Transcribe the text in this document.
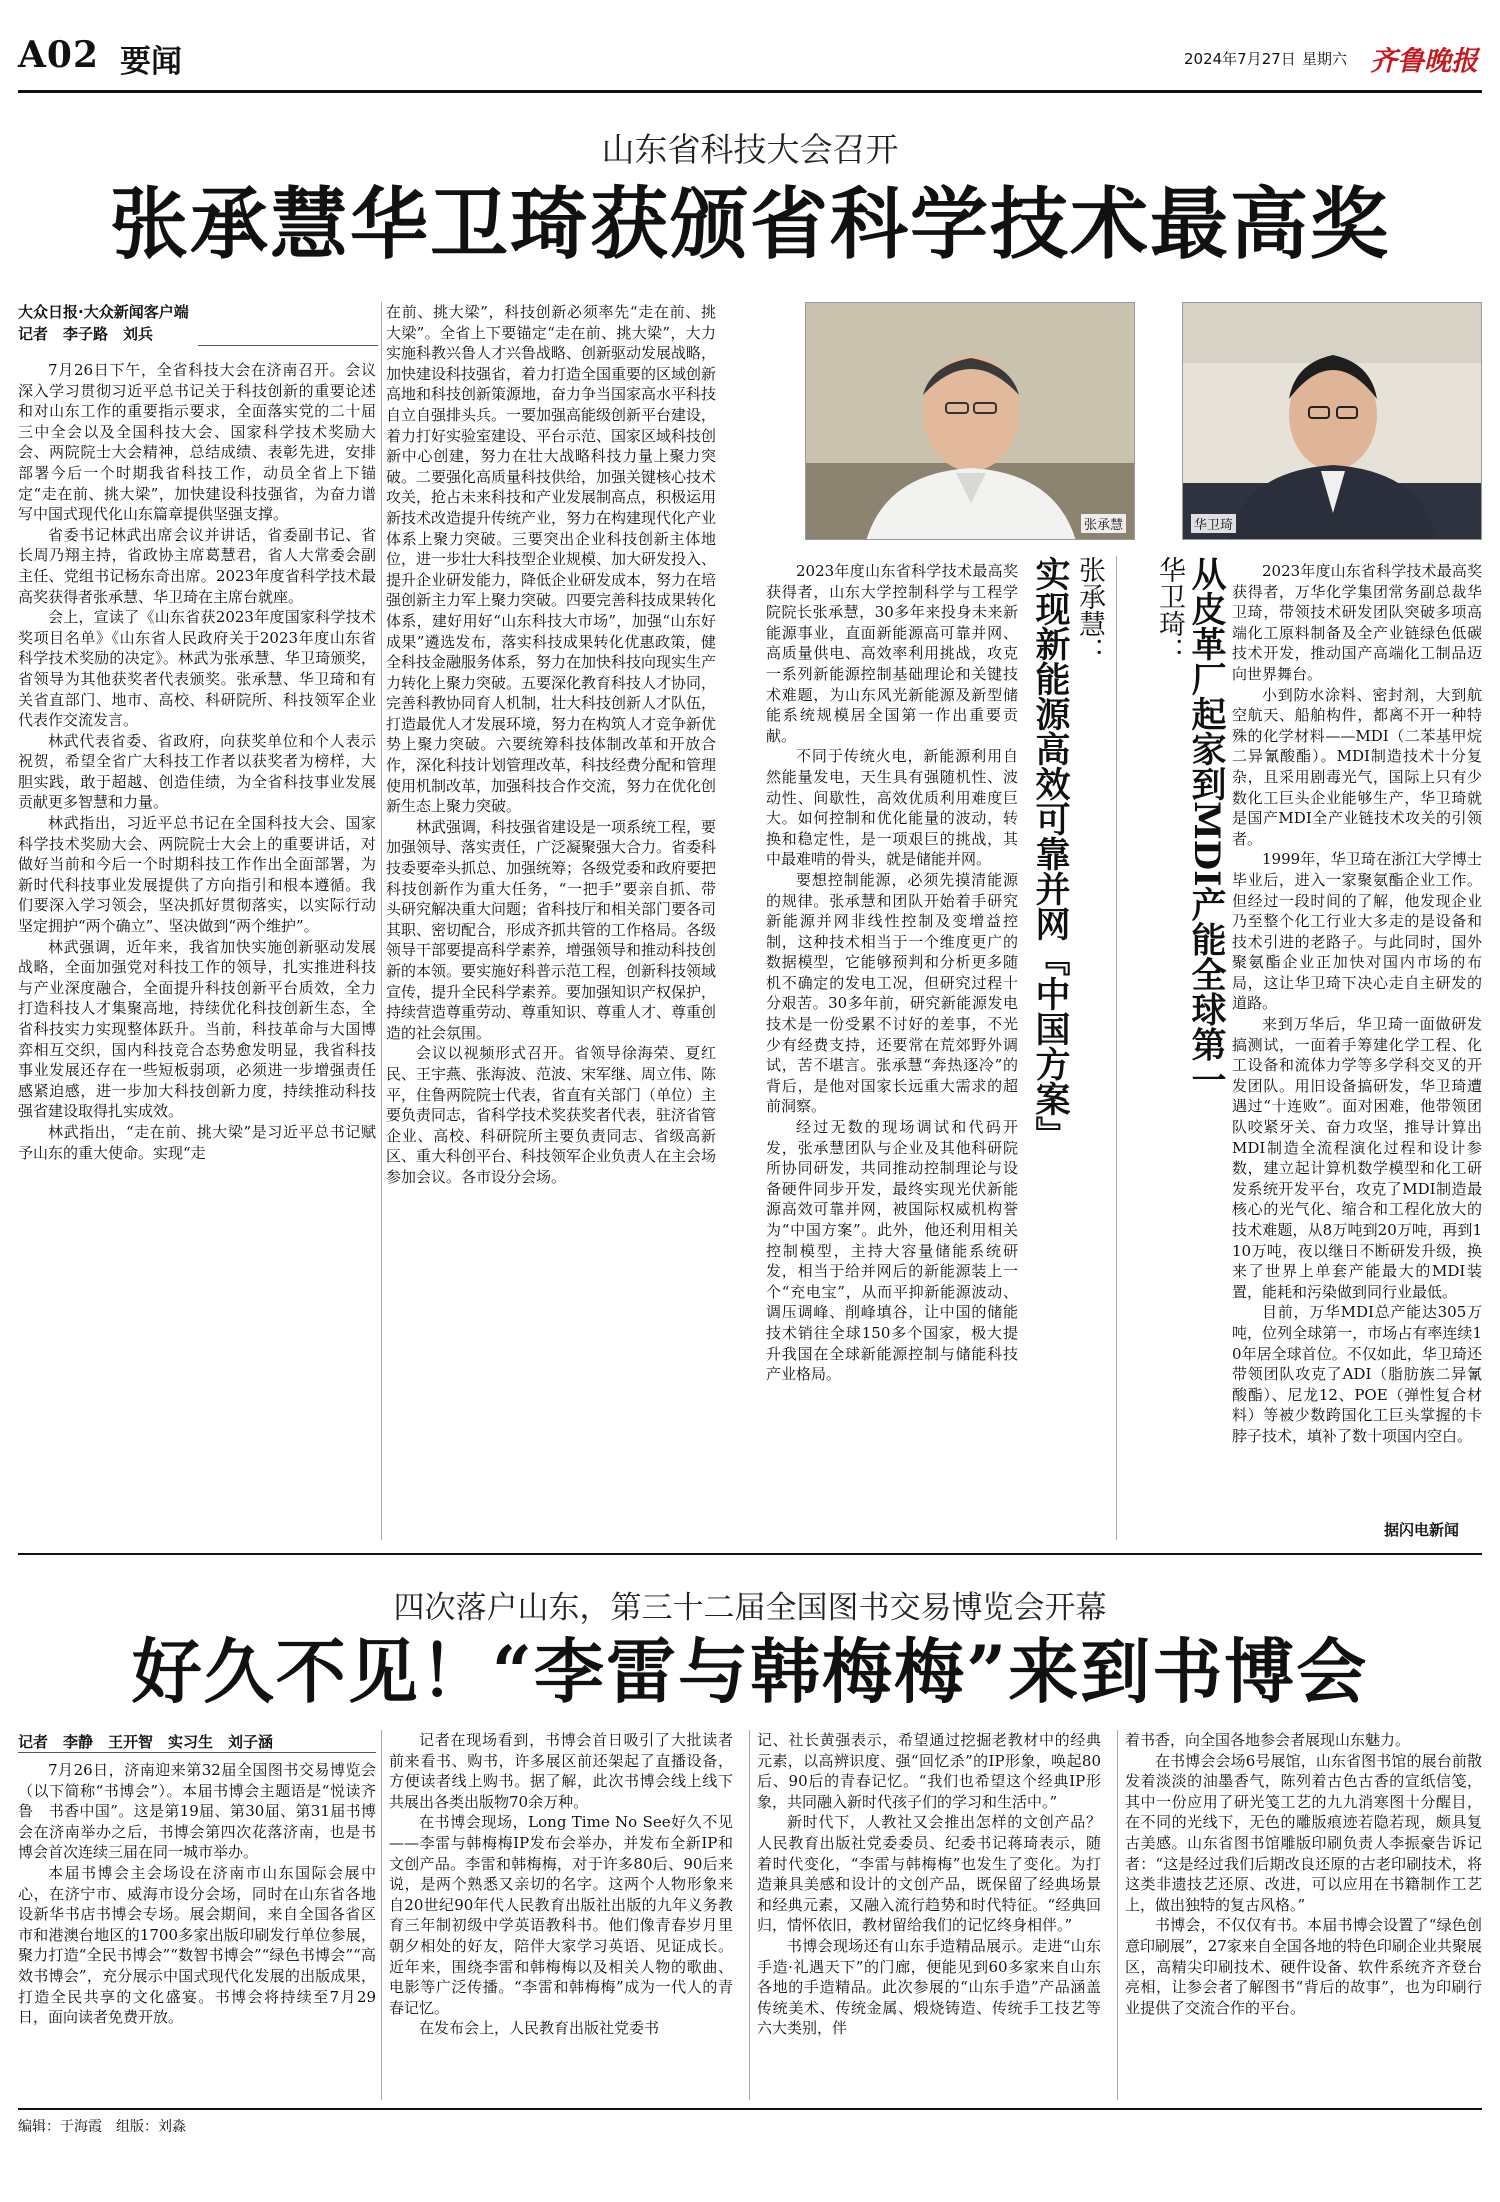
A02 要闻	2024年7月27日 星期六 齐鲁晚报
山东省科技大会召开
张承慧华卫琦获颁省科学技术最高奖
大众日报·大众新闻客户端
记者　李子路　刘兵

7月26日下午，全省科技大会在济南召开。会议深入学习贯彻习近平总书记关于科技创新的重要论述和对山东工作的重要指示要求，全面落实党的二十届三中全会以及全国科技大会、国家科学技术奖励大会、两院院士大会精神，总结成绩、表彰先进，安排部署今后一个时期我省科技工作，动员全省上下锚定“走在前、挑大梁”，加快建设科技强省，为奋力谱写中国式现代化山东篇章提供坚强支撑。

省委书记林武出席会议并讲话，省委副书记、省长周乃翔主持，省政协主席葛慧君，省人大常委会副主任、党组书记杨东奇出席。2023年度省科学技术最高奖获得者张承慧、华卫琦在主席台就座。

会上，宣读了《山东省获2023年度国家科学技术奖项目名单》《山东省人民政府关于2023年度山东省科学技术奖励的决定》。林武为张承慧、华卫琦颁奖，省领导为其他获奖者代表颁奖。张承慧、华卫琦和有关省直部门、地市、高校、科研院所、科技领军企业代表作交流发言。

林武代表省委、省政府，向获奖单位和个人表示祝贺，希望全省广大科技工作者以获奖者为榜样，大胆实践，敢于超越、创造佳绩，为全省科技事业发展贡献更多智慧和力量。

林武指出，习近平总书记在全国科技大会、国家科学技术奖励大会、两院院士大会上的重要讲话，对做好当前和今后一个时期科技工作作出全面部署，为新时代科技事业发展提供了方向指引和根本遵循。我们要深入学习领会，坚决抓好贯彻落实，以实际行动坚定拥护“两个确立”、坚决做到“两个维护”。

林武强调，近年来，我省加快实施创新驱动发展战略，全面加强党对科技工作的领导，扎实推进科技与产业深度融合，全面提升科技创新平台质效，全力打造科技人才集聚高地，持续优化科技创新生态，全省科技实力实现整体跃升。当前，科技革命与大国博弈相互交织，国内科技竞合态势愈发明显，我省科技事业发展还存在一些短板弱项，必须进一步增强责任感紧迫感，进一步加大科技创新力度，持续推动科技强省建设取得扎实成效。

林武指出，“走在前、挑大梁”是习近平总书记赋予山东的重大使命。实现“走

在前、挑大梁”，科技创新必须率先“走在前、挑大梁”。全省上下要锚定“走在前、挑大梁”，大力实施科教兴鲁人才兴鲁战略、创新驱动发展战略，加快建设科技强省，着力打造全国重要的区域创新高地和科技创新策源地，奋力争当国家高水平科技自立自强排头兵。一要加强高能级创新平台建设，着力打好实验室建设、平台示范、国家区域科技创新中心创建，努力在壮大战略科技力量上聚力突破。二要强化高质量科技供给，加强关键核心技术攻关，抢占未来科技和产业发展制高点，积极运用新技术改造提升传统产业，努力在构建现代化产业体系上聚力突破。三要突出企业科技创新主体地位，进一步壮大科技型企业规模、加大研发投入、提升企业研发能力，降低企业研发成本，努力在培强创新主力军上聚力突破。四要完善科技成果转化体系，建好用好“山东科技大市场”，加强“山东好成果”遴选发布，落实科技成果转化优惠政策，健全科技金融服务体系，努力在加快科技向现实生产力转化上聚力突破。五要深化教育科技人才协同，完善科教协同育人机制，壮大科技创新人才队伍，打造最优人才发展环境，努力在构筑人才竞争新优势上聚力突破。六要统筹科技体制改革和开放合作，深化科技计划管理改革，科技经费分配和管理使用机制改革，加强科技合作交流，努力在优化创新生态上聚力突破。

林武强调，科技强省建设是一项系统工程，要加强领导、落实责任，广泛凝聚强大合力。省委科技委要牵头抓总、加强统筹；各级党委和政府要把科技创新作为重大任务，“一把手”要亲自抓、带头研究解决重大问题；省科技厅和相关部门要各司其职、密切配合，形成齐抓共管的工作格局。各级领导干部要提高科学素养，增强领导和推动科技创新的本领。要实施好科普示范工程，创新科技领域宣传，提升全民科学素养。要加强知识产权保护，持续营造尊重劳动、尊重知识、尊重人才、尊重创造的社会氛围。

会议以视频形式召开。省领导徐海荣、夏红民、王宇燕、张海波、范波、宋军继、周立伟、陈平，住鲁两院院士代表，省直有关部门（单位）主要负责同志，省科学技术奖获奖者代表，驻济省管企业、高校、科研院所主要负责同志、省级高新区、重大科创平台、科技领军企业负责人在主会场参加会议。各市设分会场。

张承慧
实现新能源高效可靠并网『中国方案』 张承慧：

2023年度山东省科学技术最高奖获得者，山东大学控制科学与工程学院院长张承慧，30多年来投身未来新能源事业，直面新能源高可靠并网、高质量供电、高效率利用挑战，攻克一系列新能源控制基础理论和关键技术难题，为山东风光新能源及新型储能系统规模居全国第一作出重要贡献。

不同于传统火电，新能源利用自然能量发电，天生具有强随机性、波动性、间歇性，高效优质利用难度巨大。如何控制和优化能量的波动，转换和稳定性，是一项艰巨的挑战，其中最难啃的骨头，就是储能并网。

要想控制能源，必须先摸清能源的规律。张承慧和团队开始着手研究新能源并网非线性控制及变增益控制，这种技术相当于一个维度更广的数据模型，它能够预判和分析更多随机不确定的发电工况，但研究过程十分艰苦。30多年前，研究新能源发电技术是一份受累不讨好的差事，不光少有经费支持，还要常在荒郊野外调试，苦不堪言。张承慧“奔热逐冷”的背后，是他对国家长远重大需求的超前洞察。

经过无数的现场调试和代码开发，张承慧团队与企业及其他科研院所协同研发，共同推动控制理论与设备硬件同步开发，最终实现光伏新能源高效可靠并网，被国际权威机构誉为“中国方案”。此外，他还利用相关控制模型，主持大容量储能系统研发，相当于给并网后的新能源装上一个“充电宝”，从而平抑新能源波动、调压调峰、削峰填谷，让中国的储能技术销往全球150多个国家，极大提升我国在全球新能源控制与储能科技产业格局。

华卫琦
华卫琦： 从皮革厂起家到MDI产能全球第一	2023年度山东省科学技术最高奖获得者，万华化学集团常务副总裁华卫琦，带领技术研发团队突破多项高端化工原料制备及全产业链绿色低碳技术开发，推动国产高端化工制品迈向世界舞台。

小到防水涂料、密封剂，大到航空航天、船舶构件，都离不开一种特殊的化学材料——MDI（二苯基甲烷二异氰酸酯）。MDI制造技术十分复杂，且采用剧毒光气，国际上只有少数化工巨头企业能够生产，华卫琦就是国产MDI全产业链技术攻关的引领者。

1999年，华卫琦在浙江大学博士毕业后，进入一家聚氨酯企业工作。但经过一段时间的了解，他发现企业乃至整个化工行业大多走的是设备和技术引进的老路子。与此同时，国外聚氨酯企业正加快对国内市场的布局，这让华卫琦下决心走自主研发的道路。

来到万华后，华卫琦一面做研发搞测试，一面着手筹建化学工程、化工设备和流体力学等多学科交叉的开发团队。用旧设备搞研发，华卫琦遭遇过“十连败”。面对困难，他带领团队咬紧牙关、奋力攻坚，推导计算出MDI制造全流程演化过程和设计参数，建立起计算机数学模型和化工研发系统开发平台，攻克了MDI制造最核心的光气化、缩合和工程化放大的技术难题，从8万吨到20万吨，再到110万吨，夜以继日不断研发升级，换来了世界上单套产能最大的MDI装置，能耗和污染做到同行业最低。

目前，万华MDI总产能达305万吨，位列全球第一，市场占有率连续10年居全球首位。不仅如此，华卫琦还带领团队攻克了ADI（脂肪族二异氰酸酯）、尼龙12、POE（弹性复合材料）等被少数跨国化工巨头掌握的卡脖子技术，填补了数十项国内空白。

据闪电新闻
四次落户山东，第三十二届全国图书交易博览会开幕
好久不见！“李雷与韩梅梅”来到书博会
记者　李静　王开智　实习生　刘子涵

7月26日，济南迎来第32届全国图书交易博览会（以下简称“书博会”）。本届书博会主题语是“悦读齐鲁　书香中国”。这是第19届、第30届、第31届书博会在济南举办之后，书博会第四次花落济南，也是书博会首次连续三届在同一城市举办。

本届书博会主会场设在济南市山东国际会展中心，在济宁市、威海市设分会场，同时在山东省各地设新华书店书博会专场。展会期间，来自全国各省区市和港澳台地区的1700多家出版印刷发行单位参展，聚力打造“全民书博会”“数智书博会”“绿色书博会”“高效书博会”，充分展示中国式现代化发展的出版成果，打造全民共享的文化盛宴。书博会将持续至7月29日，面向读者免费开放。

记者在现场看到，书博会首日吸引了大批读者前来看书、购书，许多展区前还架起了直播设备，方便读者线上购书。据了解，此次书博会线上线下共展出各类出版物70余万种。

在书博会现场，Long Time No See好久不见——李雷与韩梅梅IP发布会举办，并发布全新IP和文创产品。李雷和韩梅梅，对于许多80后、90后来说，是两个熟悉又亲切的名字。这两个人物形象来自20世纪90年代人民教育出版社出版的九年义务教育三年制初级中学英语教科书。他们像青春岁月里朝夕相处的好友，陪伴大家学习英语、见证成长。近年来，围绕李雷和韩梅梅以及相关人物的歌曲、电影等广泛传播。“李雷和韩梅梅”成为一代人的青春记忆。

在发布会上，人民教育出版社党委书

记、社长黄强表示，希望通过挖掘老教材中的经典元素，以高辨识度、强“回忆杀”的IP形象，唤起80后、90后的青春记忆。“我们也希望这个经典IP形象，共同融入新时代孩子们的学习和生活中。”

新时代下，人教社又会推出怎样的文创产品？人民教育出版社党委委员、纪委书记蒋琦表示，随着时代变化，“李雷与韩梅梅”也发生了变化。为打造兼具美感和设计的文创产品，既保留了经典场景和经典元素，又融入流行趋势和时代特征。“经典回归，情怀依旧，教材留给我们的记忆终身相伴。”

书博会现场还有山东手造精品展示。走进“山东手造·礼遇天下”的门廊，便能见到60多家来自山东各地的手造精品。此次参展的“山东手造”产品涵盖传统美术、传统金属、煅烧铸造、传统手工技艺等六大类别，伴

着书香，向全国各地参会者展现山东魅力。

在书博会会场6号展馆，山东省图书馆的展台前散发着淡淡的油墨香气，陈列着古色古香的宣纸信笺，其中一份应用了研光笺工艺的九九消寒图十分醒目，在不同的光线下，无色的雕版痕迹若隐若现，颇具复古美感。山东省图书馆雕版印刷负责人李振豪告诉记者：“这是经过我们后期改良还原的古老印刷技术，将这类非遗技艺还原、改进，可以应用在书籍制作工艺上，做出独特的复古风格。”

书博会，不仅仅有书。本届书博会设置了“绿色创意印刷展”，27家来自全国各地的特色印刷企业共聚展区，高精尖印刷技术、硬件设备、软件系统齐齐登台亮相，让参会者了解图书“背后的故事”，也为印刷行业提供了交流合作的平台。

编辑：于海霞　组版：刘淼
